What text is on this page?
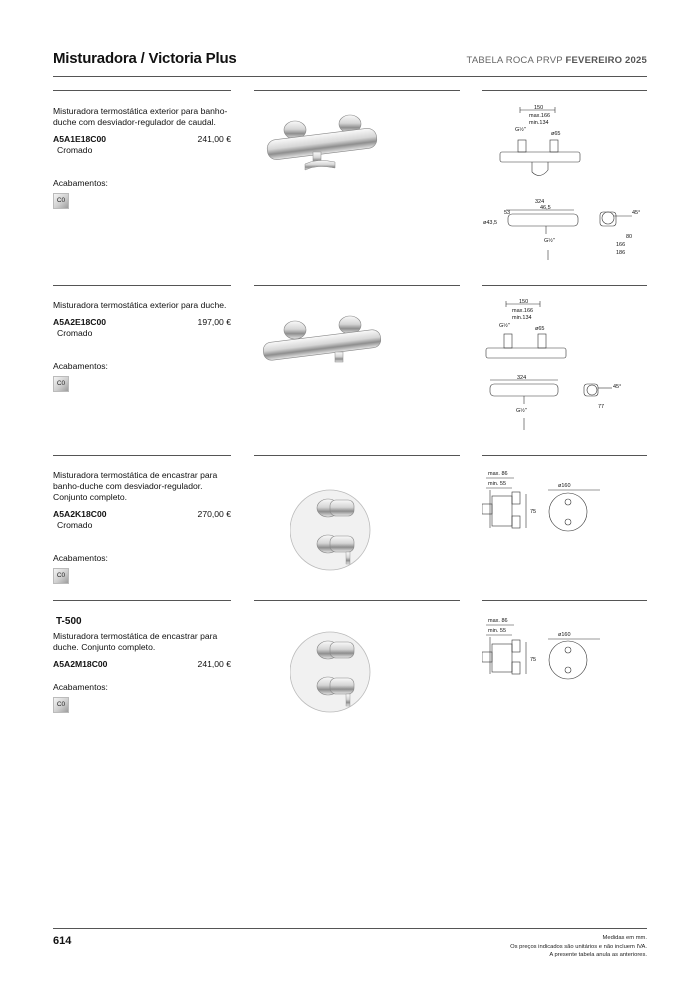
Misturadora / Victoria Plus	TABELA ROCA PRVP FEVEREIRO 2025

Misturadora termostática exterior para banho-duche com desviador-regulador de caudal.

A5A1E18C00	241,00 €
Cromado
Acabamentos:
C0
150
max.166
min.134
G½"
ø65
324
46,5
53
ø43,5
G½"
45°
80
166
186

Misturadora termostática exterior para duche.

A5A2E18C00	197,00 €
Cromado
Acabamentos:
C0
150
max.166
min.134
G½"	ø65
324
G½"
45°
77

Misturadora termostática de encastrar para banho-duche com desviador-regulador. Conjunto completo.

A5A2K18C00	270,00 €
Cromado
Acabamentos:
C0
max. 86
min. 55
75
ø160
T-500

Misturadora termostática de encastrar para duche. Conjunto completo.

A5A2M18C00	241,00 €
Acabamentos:
C0
max. 86
min. 55
75
ø160
614	Medidas em mm.
Os preços indicados são unitários e não incluem IVA.
A presente tabela anula as anteriores.
